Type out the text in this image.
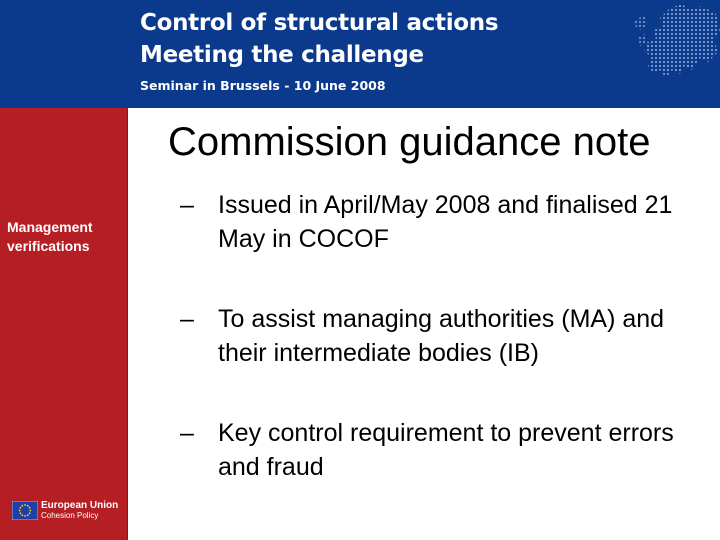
Control of structural actions
Meeting the challenge
Seminar in Brussels - 10 June 2008
Management verifications
European Union
Cohesion Policy
Commission guidance note
– Issued in April/May 2008 and finalised 21 May in COCOF
– To assist managing authorities (MA) and their intermediate bodies (IB)
– Key control requirement to prevent errors and fraud
